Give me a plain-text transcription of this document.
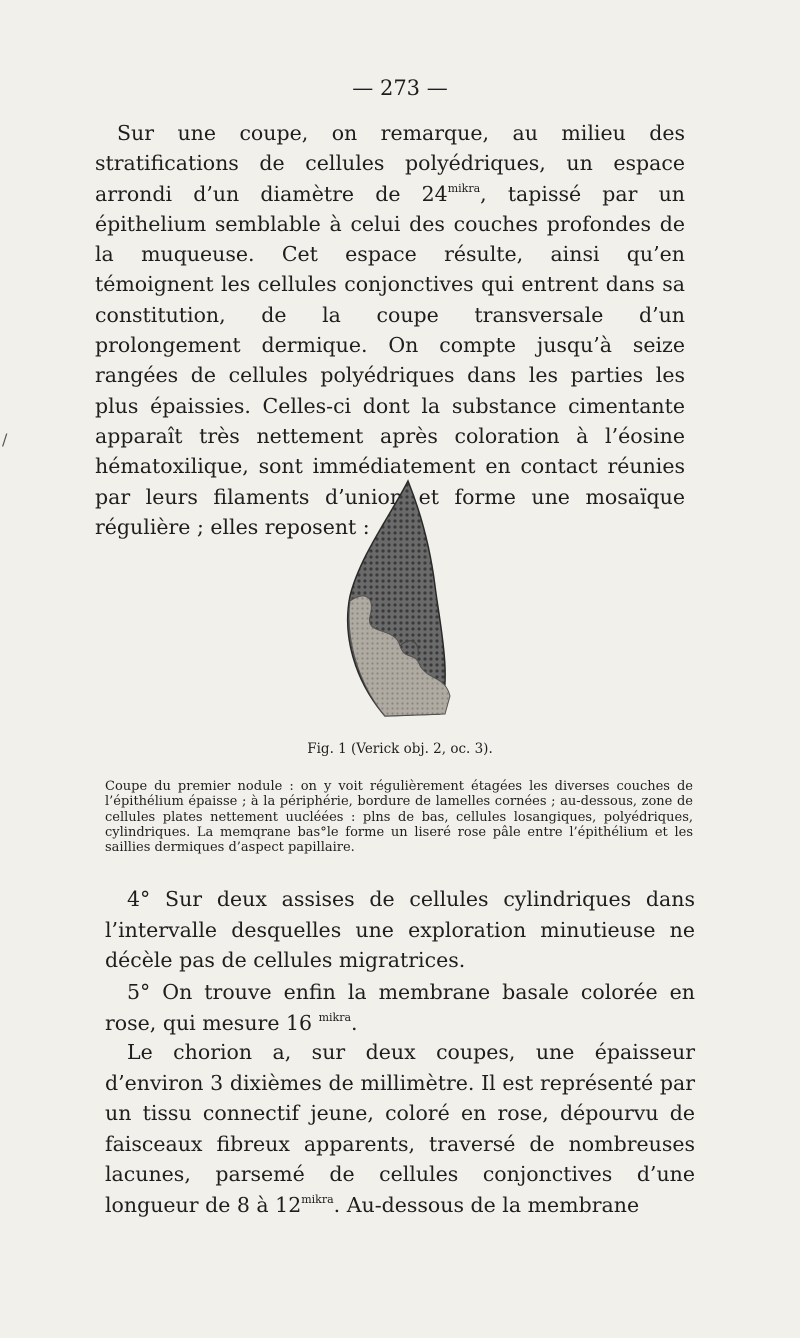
— 273 —
Sur une coupe, on remarque, au milieu des stratifications de cellules polyédriques, un espace arrondi d’un diamètre de $24^{mikra}$, tapissé par un épithelium semblable à celui des couches profondes de la muqueuse. Cet espace résulte, ainsi qu’en témoignent les cellules conjonctives qui entrent dans sa constitution, de la coupe transversale d’un prolongement dermique. On compte jusqu’à seize rangées de cellules polyédriques dans les parties les plus épaissies. Celles-ci dont la substance cimentante apparaît très nettement après coloration à l’éosine hématoxilique, sont immédiatement en contact réunies par leurs filaments d’union et forme une mosaïque régulière ; elles reposent :
/
Fig. 1 (Verick obj. 2, oc. 3).
Coupe du premier nodule : on y voit régulièrement étagées les diverses couches de l’épithélium épaisse ; à la périphérie, bordure de lamelles cornées ; au-dessous, zone de cellules plates nettement uucléées : plns de bas, cellules losangiques, polyédriques, cylindriques. La memqrane bas°le forme un liseré rose pâle entre l’épithélium et les saillies dermiques d’aspect papillaire.
4° Sur deux assises de cellules cylindriques dans l’intervalle desquelles une exploration minutieuse ne décèle pas de cellules migratrices.
5° On trouve enfin la membrane basale colorée en rose, qui mesure 16 $^{mikra}$.
Le chorion a, sur deux coupes, une épaisseur d’environ 3 dixièmes de millimètre. Il est représenté par un tissu connectif jeune, coloré en rose, dépourvu de faisceaux fibreux apparents, traversé de nombreuses lacunes, parsemé de cellules conjonctives d’une longueur de 8 à $12^{mikra}$. Au-dessous de la membrane
